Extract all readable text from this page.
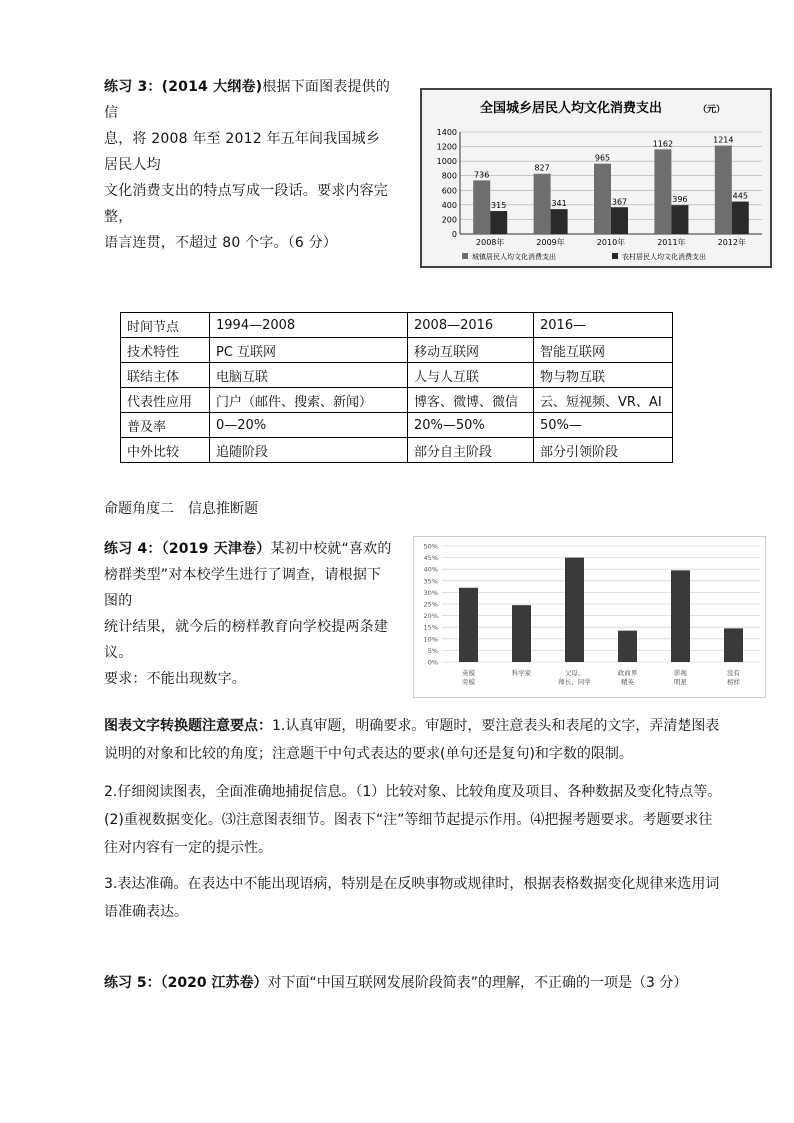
练习 3：(2014 大纲卷)根据下面图表提供的信
息，将 2008 年至 2012 年五年间我国城乡居民人均
文化消费支出的特点写成一段话。要求内容完整，
语言连贯，不超过 80 个字。（6 分）
全国城乡居民人均文化消费支出	（元）
0
200
400
600
800
1000
1200
1400
736
315
2008年
827
341
2009年
965
367
2010年
1162
396
2011年
1214
445
2012年
城镇居民人均文化消费支出	农村居民人均文化消费支出
时间节点	1994—2008	2008—2016	2016—
技术特性	PC 互联网	移动互联网	智能互联网
联结主体	电脑互联	人与人互联	物与物互联
代表性应用	门户（邮件、搜索、新闻）	博客、微博、微信	云、短视频、VR、AI
普及率	0—20%	20%—50%	50%—
中外比较	追随阶段	部分自主阶段	部分引领阶段
命题角度二　信息推断题
练习 4：（2019 天津卷）某初中校就“喜欢的
榜群类型”对本校学生进行了调查，请根据下图的
统计结果，就今后的榜样教育向学校提两条建议。
要求：不能出现数字。
0%
5%
10%
15%
20%
25%
30%
35%
40%
45%
50%
英模
劳模
科学家	父母、
师长、同学
政商界
精英
影视
明星
没有
榜样
图表文字转换题注意要点：1.认真审题，明确要求。审题时，要注意表头和表尾的文字，弄清楚图表说明的对象和比较的角度；注意题干中句式表达的要求(单句还是复句)和字数的限制。
2.仔细阅读图表，全面准确地捕捉信息。（1）比较对象、比较角度及项目、各种数据及变化特点等。(2)重视数据变化。⑶注意图表细节。图表下“注”等细节起提示作用。⑷把握考题要求。考题要求往往对内容有一定的提示性。
3.表达准确。在表达中不能出现语病，特别是在反映事物或规律时，根据表格数据变化规律来选用词语准确表达。
练习 5：（2020 江苏卷）对下面“中国互联网发展阶段简表”的理解，不正确的一项是（3 分）
